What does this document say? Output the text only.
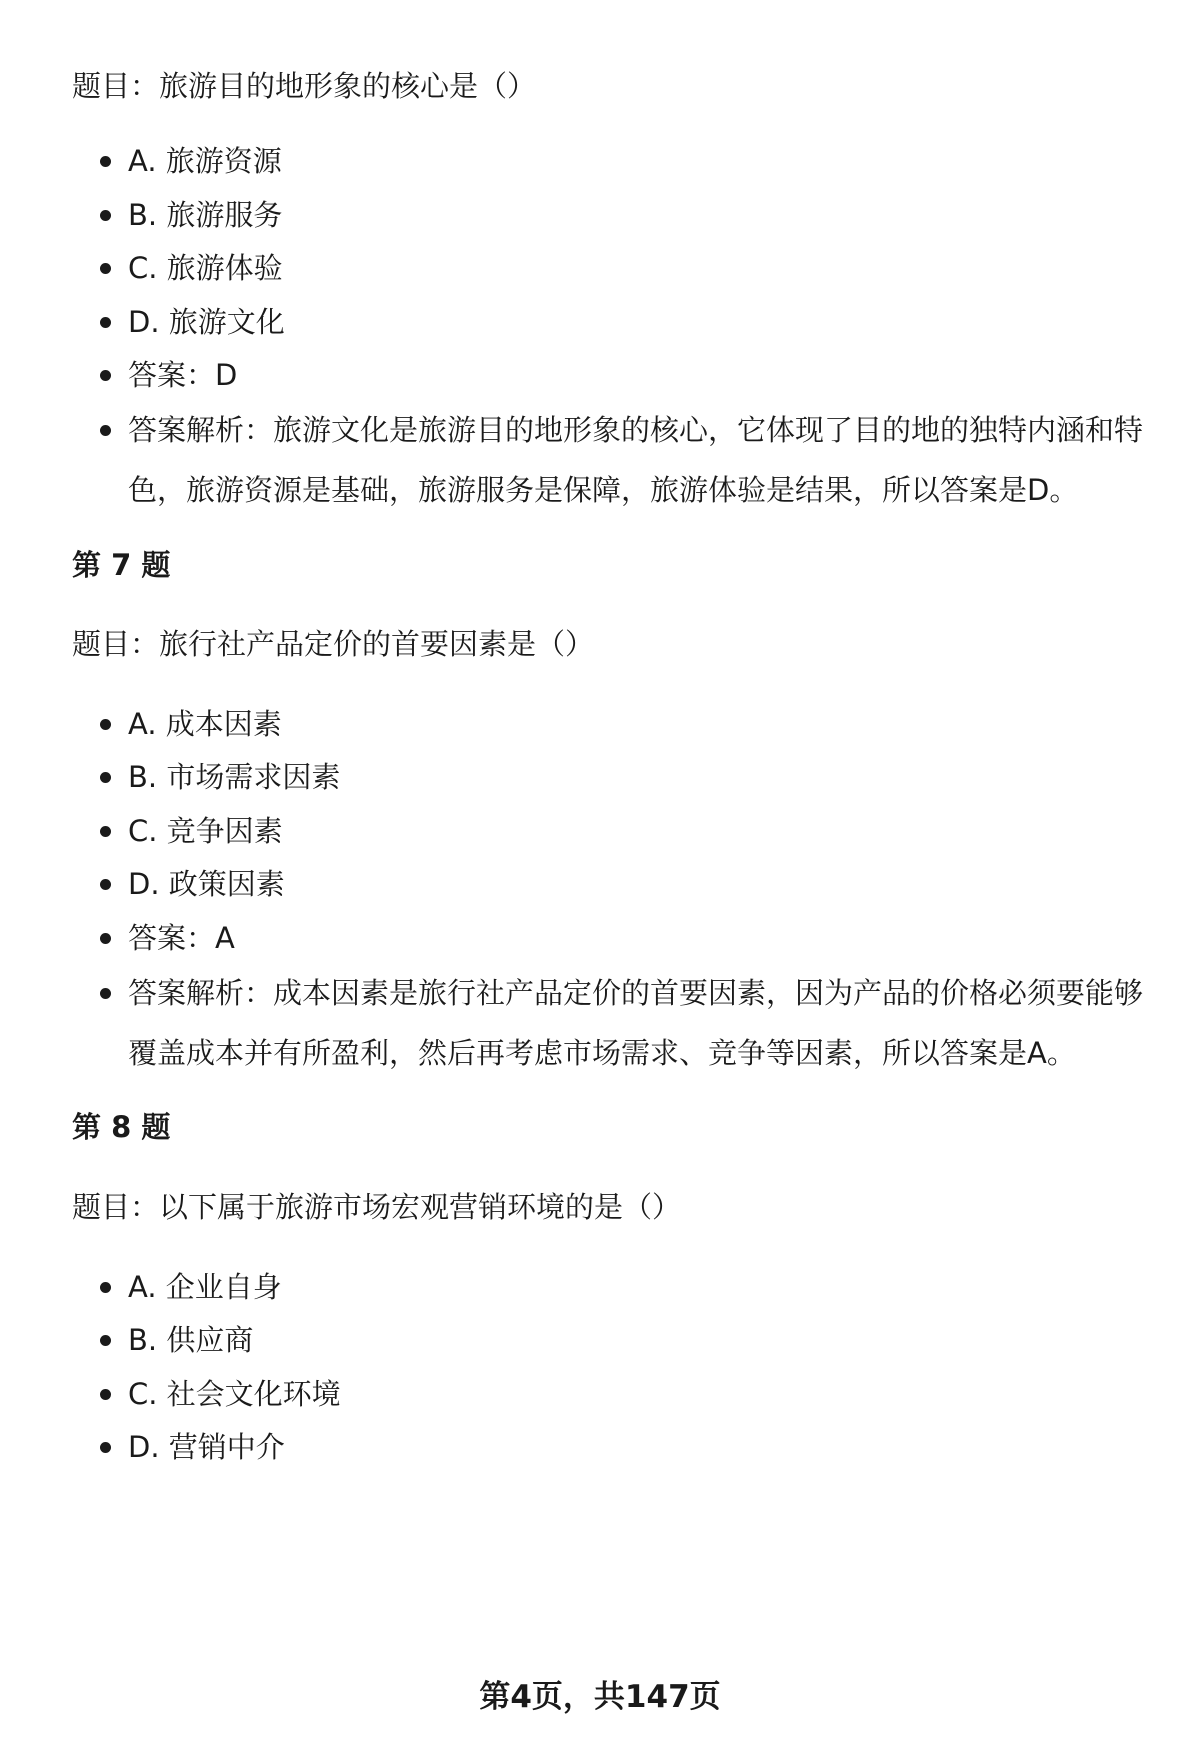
题目：旅游目的地形象的核心是（）
A. 旅游资源
B. 旅游服务
C. 旅游体验
D. 旅游文化
答案：D
答案解析：旅游文化是旅游目的地形象的核心，它体现了目的地的独特内涵和特色，旅游资源是基础，旅游服务是保障，旅游体验是结果，所以答案是D。
第 7 题
题目：旅行社产品定价的首要因素是（）
A. 成本因素
B. 市场需求因素
C. 竞争因素
D. 政策因素
答案：A
答案解析：成本因素是旅行社产品定价的首要因素，因为产品的价格必须要能够覆盖成本并有所盈利，然后再考虑市场需求、竞争等因素，所以答案是A。
第 8 题
题目：以下属于旅游市场宏观营销环境的是（）
A. 企业自身
B. 供应商
C. 社会文化环境
D. 营销中介
第4页，共147页
